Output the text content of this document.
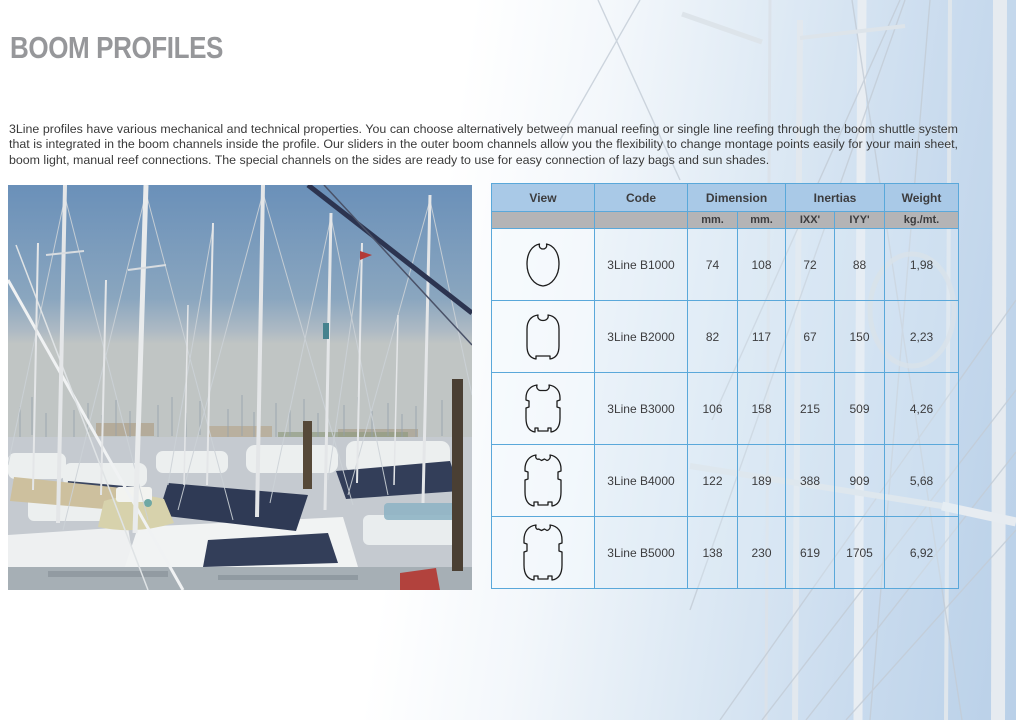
BOOM PROFILES

3Line profiles have various mechanical and technical properties. You can choose alternatively between manual reefing or single line reefing through the boom shuttle system that is integrated in the boom channels inside the profile. Our sliders in the outer boom channels allow you the flexibility to change montage points easily for your main sheet, boom light, manual reef connections. The special channels on the sides are ready to use for easy connection of lazy bags and sun shades.

View	Code	Dimension		Inertias		Weight
		mm.	mm.	IXX'	IYY'	kg./mt.

	3Line B1000	74	108	72	88	1,98

	3Line B2000	82	117	67	150	2,23

	3Line B3000	106	158	215	509	4,26

	3Line B4000	122	189	388	909	5,68

	3Line B5000	138	230	619	1705	6,92
